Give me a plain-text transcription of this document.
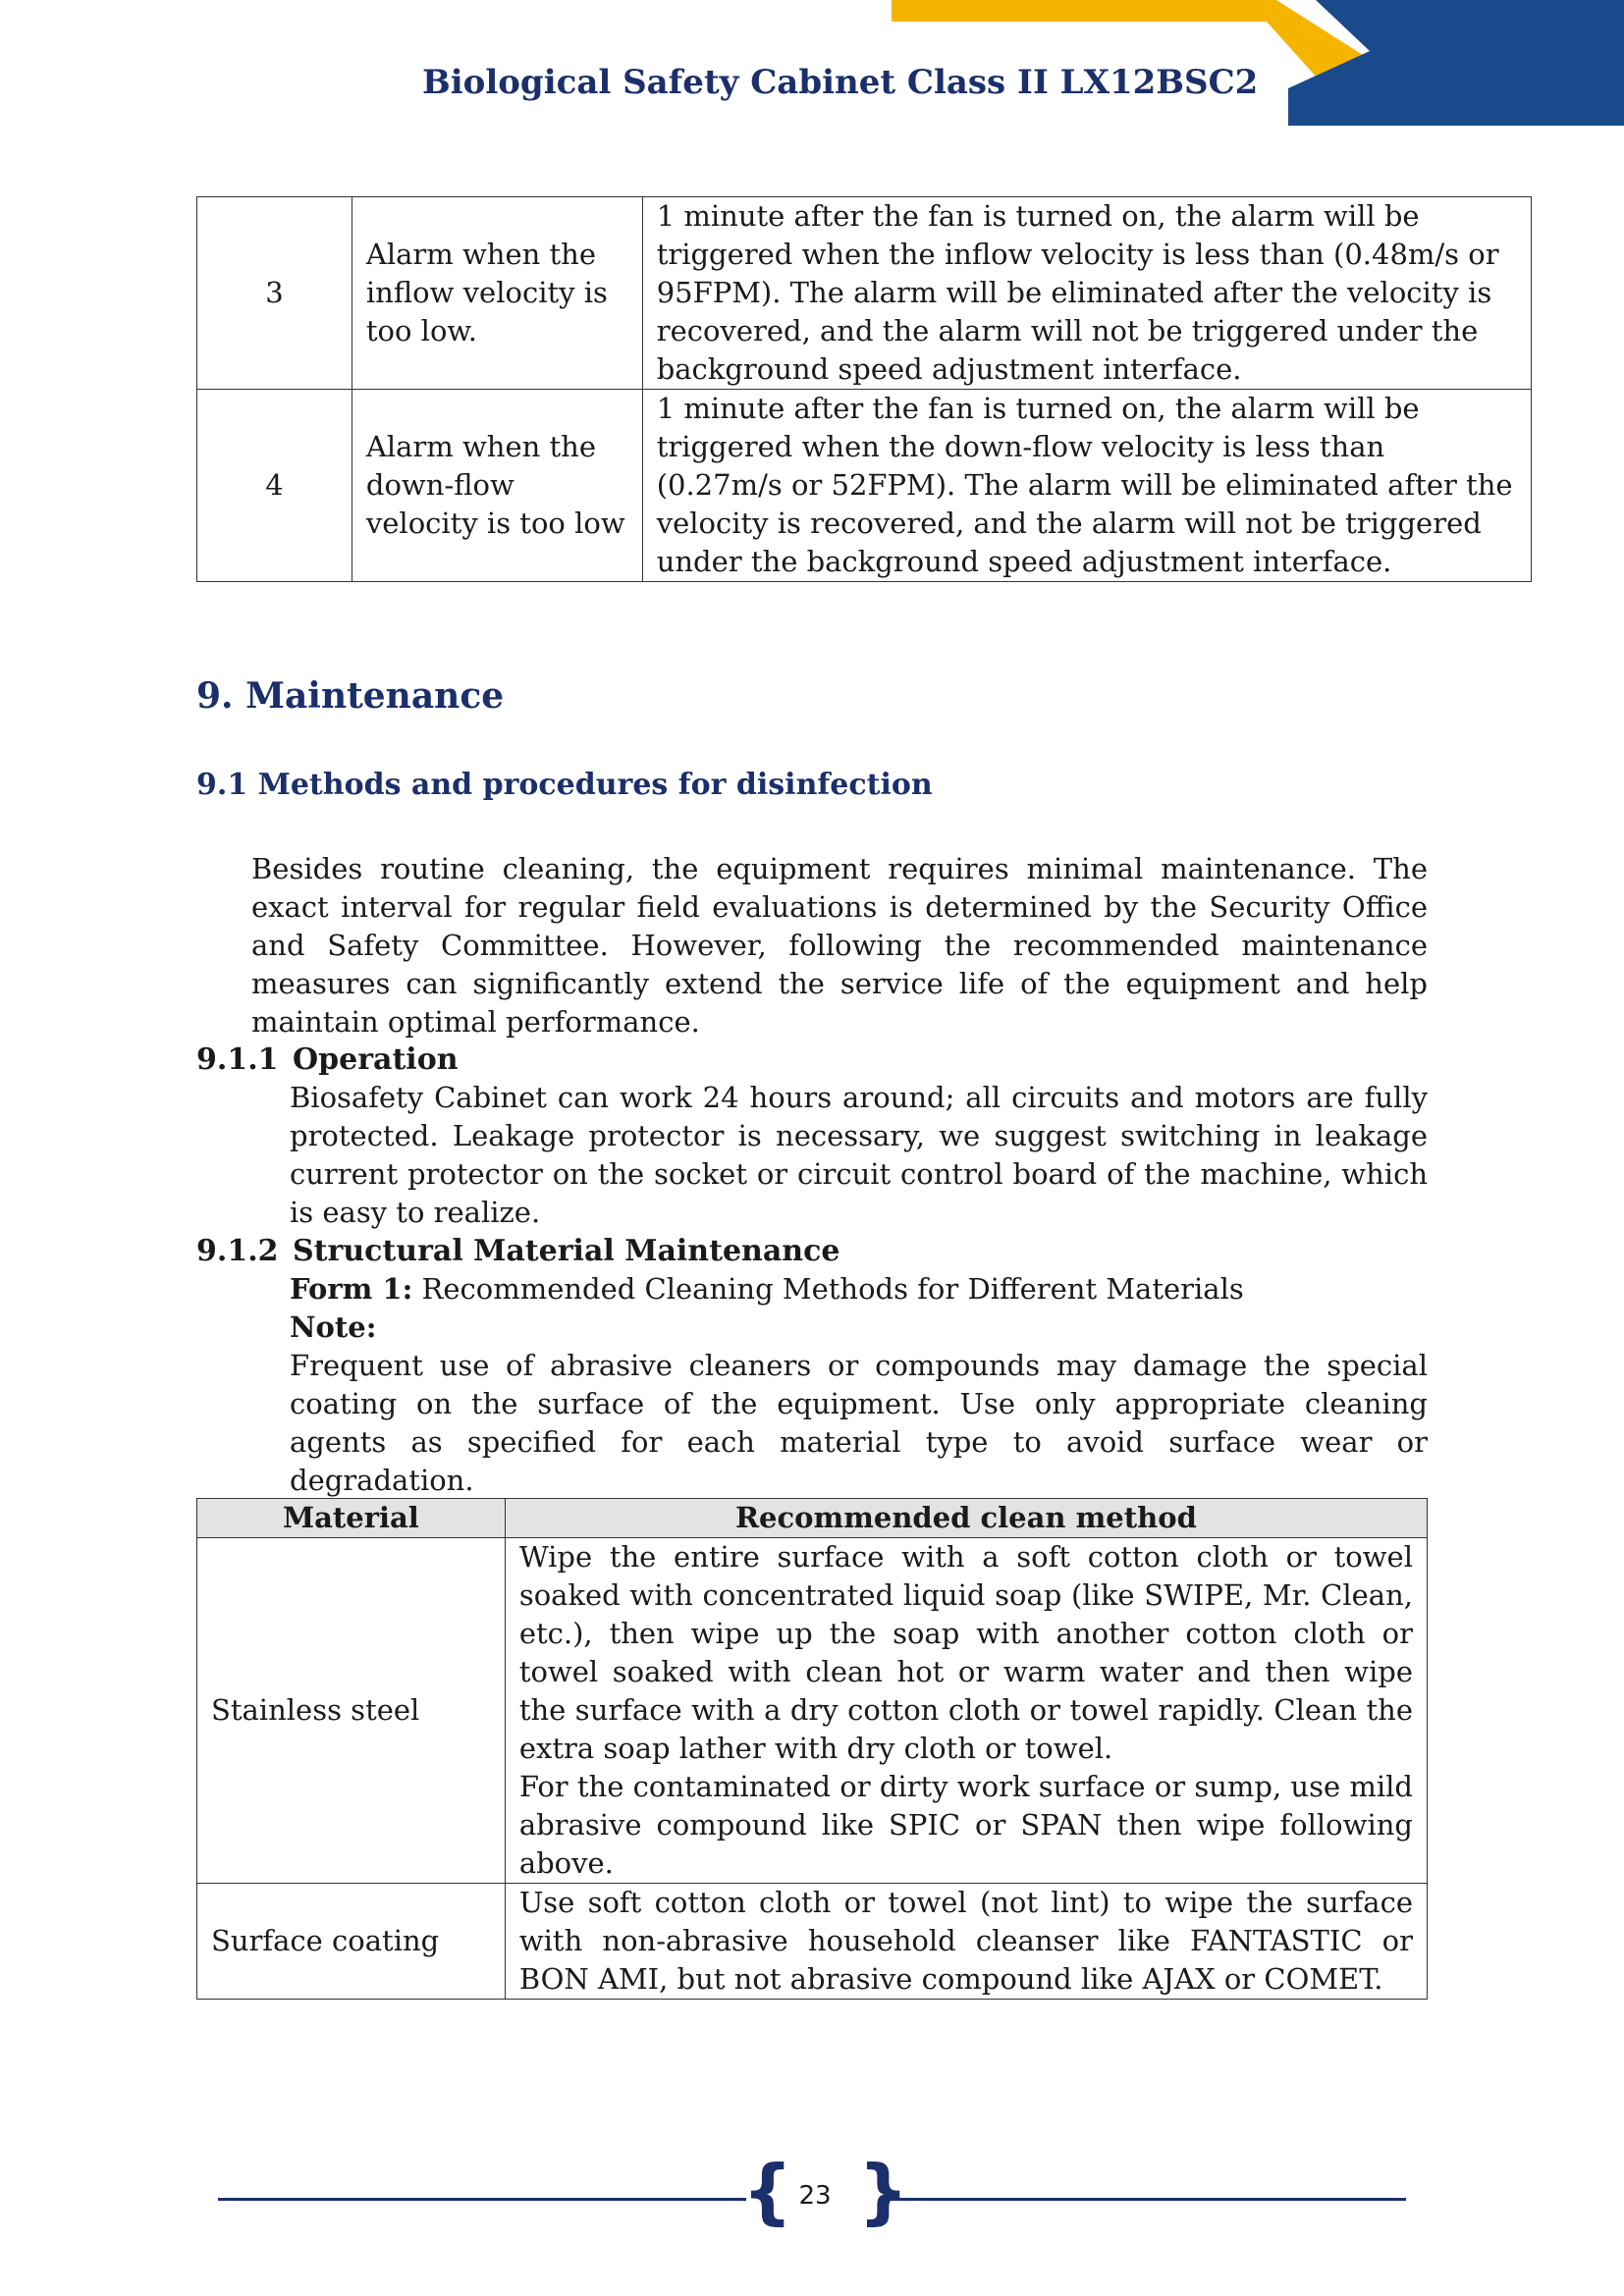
Biological Safety Cabinet Class II LX12BSC2
3	Alarm when the inflow velocity is too low.	1 minute after the fan is turned on, the alarm will be triggered when the inflow velocity is less than (0.48m/s or 95FPM). The alarm will be eliminated after the velocity is recovered, and the alarm will not be triggered under the background speed adjustment interface.
4	Alarm when the down-flow velocity is too low	1 minute after the fan is turned on, the alarm will be triggered when the down-flow velocity is less than (0.27m/s or 52FPM). The alarm will be eliminated after the velocity is recovered, and the alarm will not be triggered under the background speed adjustment interface.
9. Maintenance
9.1 Methods and procedures for disinfection

Besides routine cleaning, the equipment requires minimal maintenance. The exact interval for regular field evaluations is determined by the Security Office and Safety Committee. However, following the recommended maintenance measures can significantly extend the service life of the equipment and help maintain optimal performance.

9.1.1 Operation

Biosafety Cabinet can work 24 hours around; all circuits and motors are fully protected. Leakage protector is necessary, we suggest switching in leakage current protector on the socket or circuit control board of the machine, which is easy to realize.

9.1.2 Structural Material Maintenance
Form 1: Recommended Cleaning Methods for Different Materials
Note:

Frequent use of abrasive cleaners or compounds may damage the special coating on the surface of the equipment. Use only appropriate cleaning agents as specified for each material type to avoid surface wear or degradation.

Material	Recommended clean method
Stainless steel	Wipe the entire surface with a soft cotton cloth or towel soaked with concentrated liquid soap (like SWIPE, Mr. Clean, etc.), then wipe up the soap with another cotton cloth or towel soaked with clean hot or warm water and then wipe the surface with a dry cotton cloth or towel rapidly. Clean the extra soap lather with dry cloth or towel.
For the contaminated or dirty work surface or sump, use mild abrasive compound like SPIC or SPAN then wipe following above.

Surface coating	Use soft cotton cloth or towel (not lint) to wipe the surface with non-abrasive household cleanser like FANTASTIC or BON AMI, but not abrasive compound like AJAX or COMET.
{ }
23
